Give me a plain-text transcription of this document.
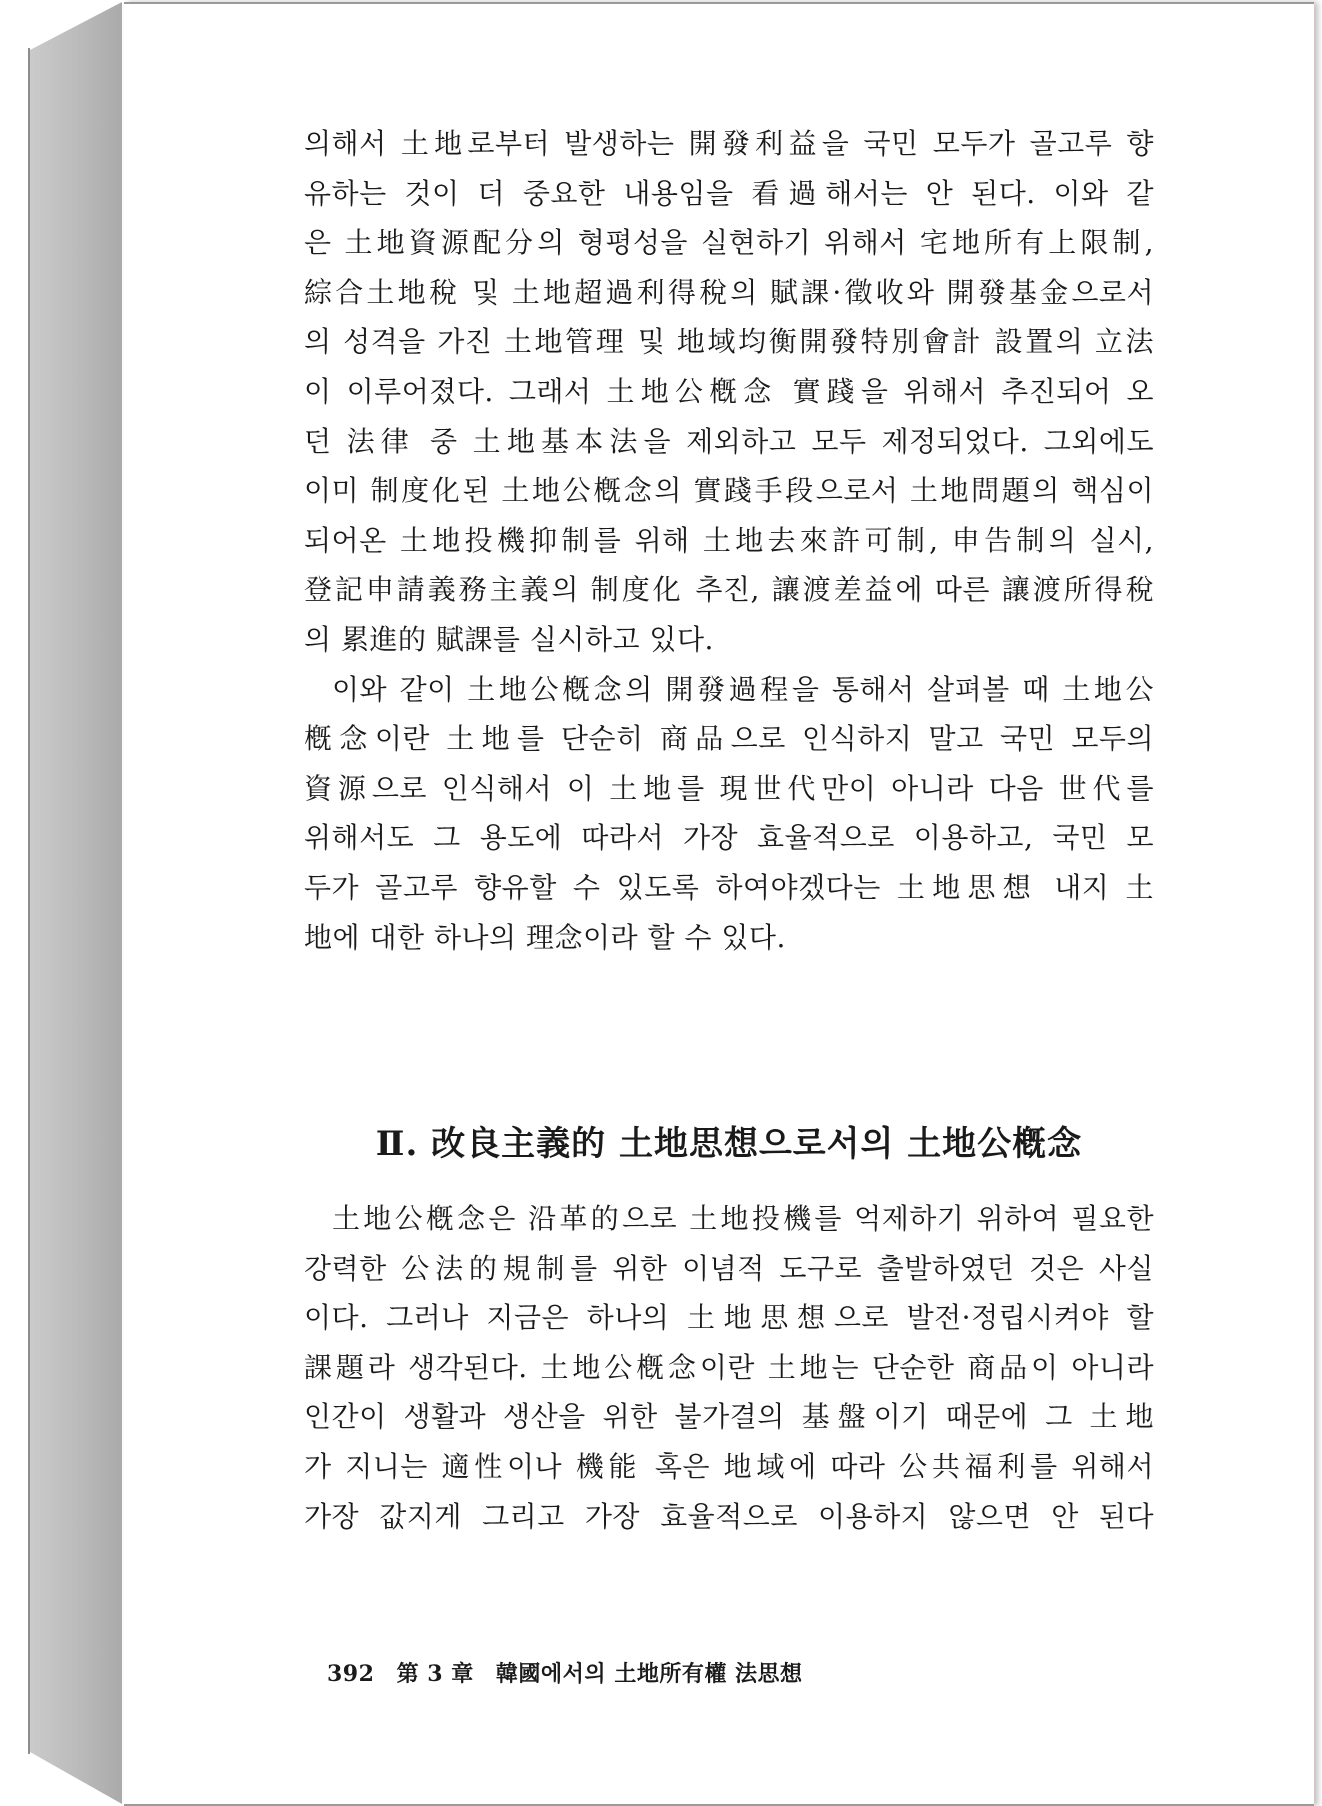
의해서 土地로부터 발생하는 開發利益을 국민 모두가 골고루 향
유하는 것이 더 중요한 내용임을 看過해서는 안 된다. 이와 같
은 土地資源配分의 형평성을 실현하기 위해서 宅地所有上限制,
綜合土地稅 및 土地超過利得稅의 賦課·徵收와 開發基金으로서
의 성격을 가진 土地管理 및 地域均衡開發特別會計 設置의 立法
이 이루어졌다. 그래서 土地公槪念 實踐을 위해서 추진되어 오
던 法律 중 土地基本法을 제외하고 모두 제정되었다. 그외에도
이미 制度化된 土地公槪念의 實踐手段으로서 土地問題의 핵심이
되어온 土地投機抑制를 위해 土地去來許可制, 申告制의 실시,
登記申請義務主義의 制度化 추진, 讓渡差益에 따른 讓渡所得稅
의 累進的 賦課를 실시하고 있다.
이와 같이 土地公槪念의 開發過程을 통해서 살펴볼 때 土地公
槪念이란 土地를 단순히 商品으로 인식하지 말고 국민 모두의
資源으로 인식해서 이 土地를 現世代만이 아니라 다음 世代를
위해서도 그 용도에 따라서 가장 효율적으로 이용하고, 국민 모
두가 골고루 향유할 수 있도록 하여야겠다는 土地思想 내지 土
地에 대한 하나의 理念이라 할 수 있다.
Ⅱ. 改良主義的 土地思想으로서의 土地公槪念
土地公槪念은 沿革的으로 土地投機를 억제하기 위하여 필요한
강력한 公法的規制를 위한 이념적 도구로 출발하였던 것은 사실
이다. 그러나 지금은 하나의 土地思想으로 발전·정립시켜야 할
課題라 생각된다. 土地公槪念이란 土地는 단순한 商品이 아니라
인간이 생활과 생산을 위한 불가결의 基盤이기 때문에 그 土地
가 지니는 適性이나 機能 혹은 地域에 따라 公共福利를 위해서
가장 값지게 그리고 가장 효율적으로 이용하지 않으면 안 된다
392 第 3 章 韓國에서의 土地所有權 法思想
